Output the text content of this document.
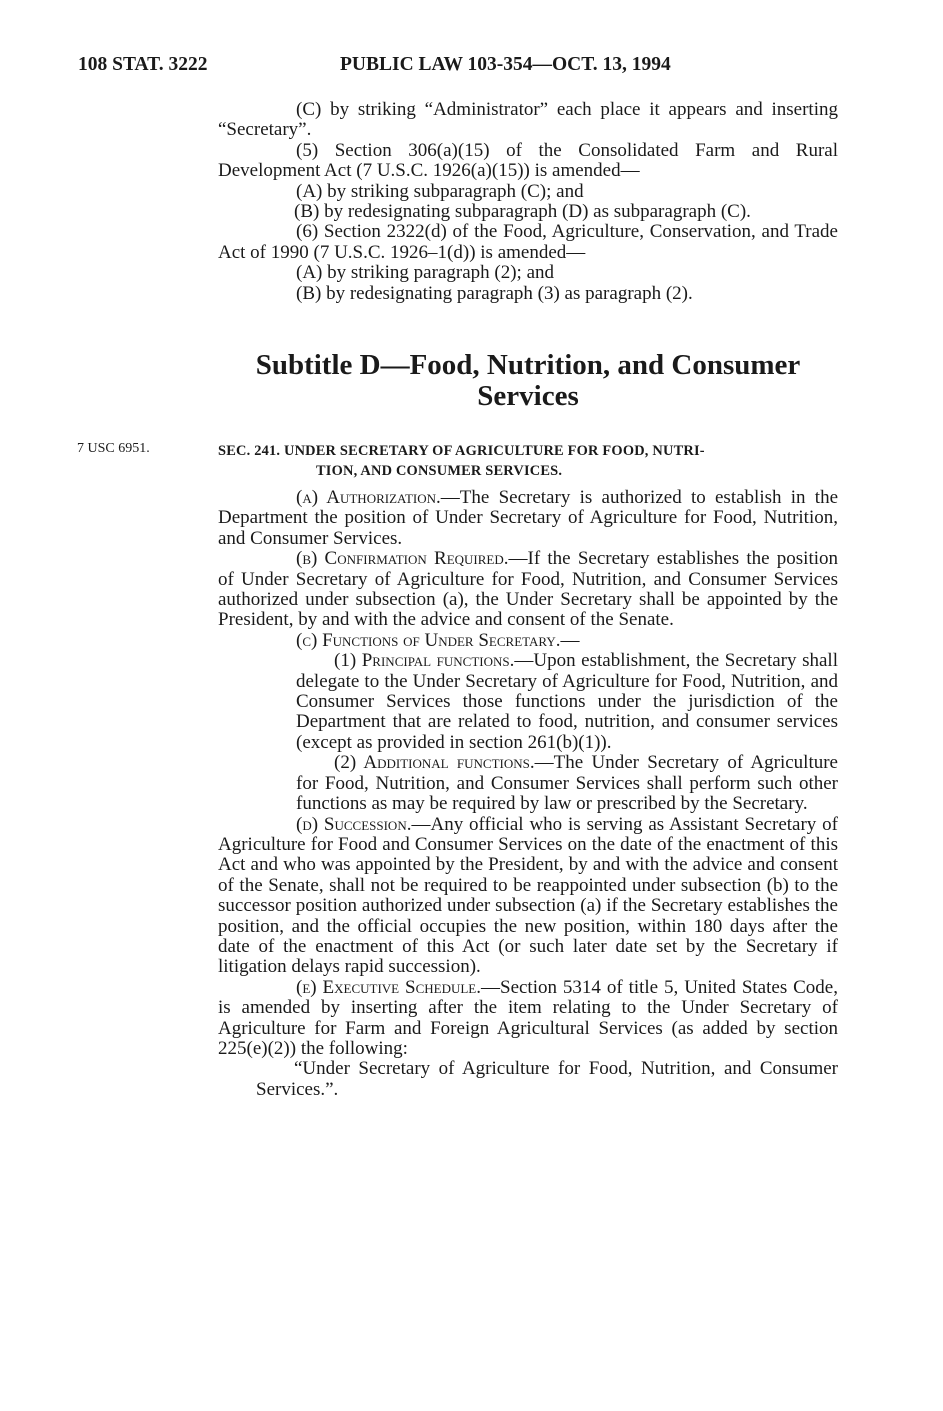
108 STAT. 3222	PUBLIC LAW 103-354—OCT. 13, 1994

(C) by striking “Administrator” each place it appears and inserting “Secretary”.

(5) Section 306(a)(15) of the Consolidated Farm and Rural Development Act (7 U.S.C. 1926(a)(15)) is amended—

(A) by striking subparagraph (C); and

(B) by redesignating subparagraph (D) as subparagraph (C).

(6) Section 2322(d) of the Food, Agriculture, Conservation, and Trade Act of 1990 (7 U.S.C. 1926–1(d)) is amended—

(A) by striking paragraph (2); and

(B) by redesignating paragraph (3) as paragraph (2).

Subtitle D—Food, Nutrition, and Consumer
Services
7 USC 6951.	SEC. 241. UNDER SECRETARY OF AGRICULTURE FOR FOOD, NUTRI-
TION, AND CONSUMER SERVICES.

(a) Authorization.—The Secretary is authorized to establish in the Department the position of Under Secretary of Agriculture for Food, Nutrition, and Consumer Services.

(b) Confirmation Required.—If the Secretary establishes the position of Under Secretary of Agriculture for Food, Nutrition, and Consumer Services authorized under subsection (a), the Under Secretary shall be appointed by the President, by and with the advice and consent of the Senate.

(c) Functions of Under Secretary.—

(1) Principal functions.—Upon establishment, the Secretary shall delegate to the Under Secretary of Agriculture for Food, Nutrition, and Consumer Services those functions under the jurisdiction of the Department that are related to food, nutrition, and consumer services (except as provided in section 261(b)(1)).

(2) Additional functions.—The Under Secretary of Agriculture for Food, Nutrition, and Consumer Services shall perform such other functions as may be required by law or prescribed by the Secretary.

(d) Succession.—Any official who is serving as Assistant Secretary of Agriculture for Food and Consumer Services on the date of the enactment of this Act and who was appointed by the President, by and with the advice and consent of the Senate, shall not be required to be reappointed under subsection (b) to the successor position authorized under subsection (a) if the Secretary establishes the position, and the official occupies the new position, within 180 days after the date of the enactment of this Act (or such later date set by the Secretary if litigation delays rapid succession).

(e) Executive Schedule.—Section 5314 of title 5, United States Code, is amended by inserting after the item relating to the Under Secretary of Agriculture for Farm and Foreign Agricultural Services (as added by section 225(e)(2)) the following:

“Under Secretary of Agriculture for Food, Nutrition, and Consumer Services.”.
